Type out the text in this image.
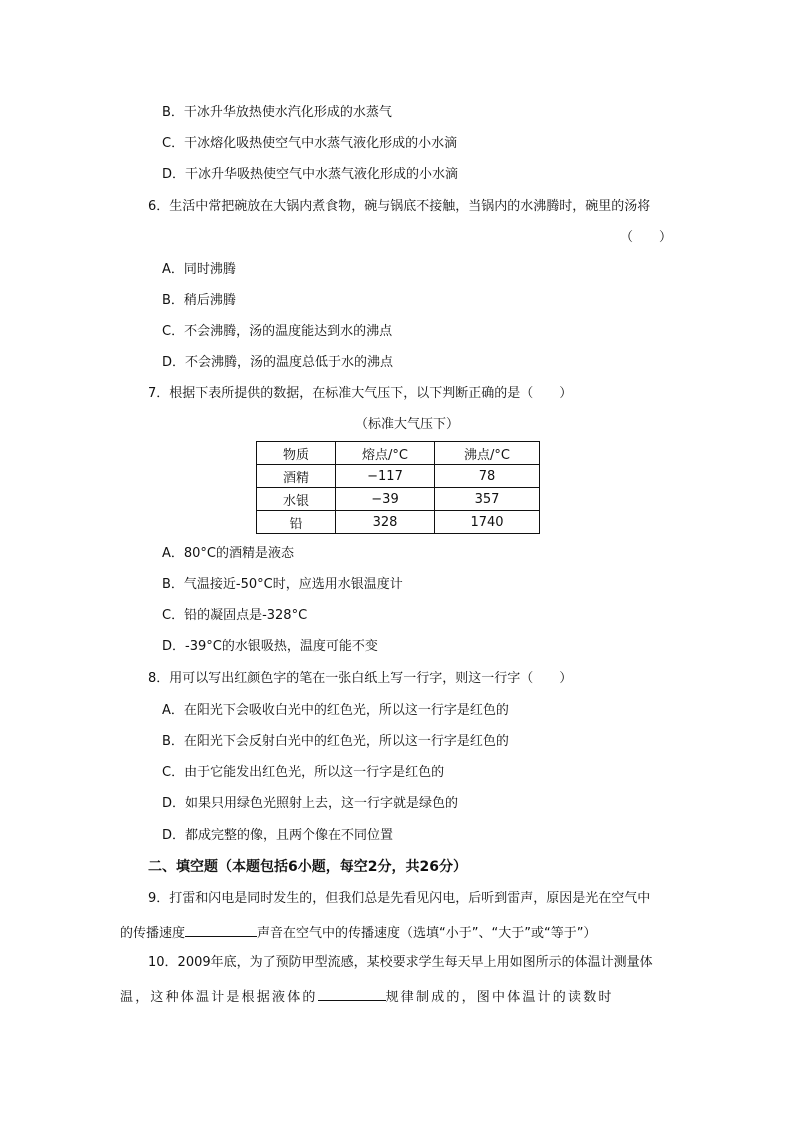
B．干冰升华放热使水汽化形成的水蒸气
C．干冰熔化吸热使空气中水蒸气液化形成的小水滴
D．干冰升华吸热使空气中水蒸气液化形成的小水滴
6．生活中常把碗放在大锅内煮食物，碗与锅底不接触，当锅内的水沸腾时，碗里的汤将
（　　）
A．同时沸腾
B．稍后沸腾
C．不会沸腾，汤的温度能达到水的沸点
D．不会沸腾，汤的温度总低于水的沸点
7．根据下表所提供的数据，在标准大气压下，以下判断正确的是（　　）
（标准大气压下）
物质	熔点/°C	沸点/°C
酒精	−117	78
水银	−39	357
铅	328	1740
A．80°C的酒精是液态
B．气温接近-50°C时，应选用水银温度计
C．铅的凝固点是-328°C
D．-39°C的水银吸热，温度可能不变
8．用可以写出红颜色字的笔在一张白纸上写一行字，则这一行字（　　）
A．在阳光下会吸收白光中的红色光，所以这一行字是红色的
B．在阳光下会反射白光中的红色光，所以这一行字是红色的
C．由于它能发出红色光，所以这一行字是红色的
D．如果只用绿色光照射上去，这一行字就是绿色的
D．都成完整的像，且两个像在不同位置
二、填空题（本题包括6小题，每空2分，共26分）
9．打雷和闪电是同时发生的，但我们总是先看见闪电，后听到雷声，原因是光在空气中
的传播速度	声音在空气中的传播速度（选填“小于”、“大于”或“等于”）
10．2009年底，为了预防甲型流感，某校要求学生每天早上用如图所示的体温计测量体
温，这种体温计是根据液体的	规律制成的，图中体温计的读数时
